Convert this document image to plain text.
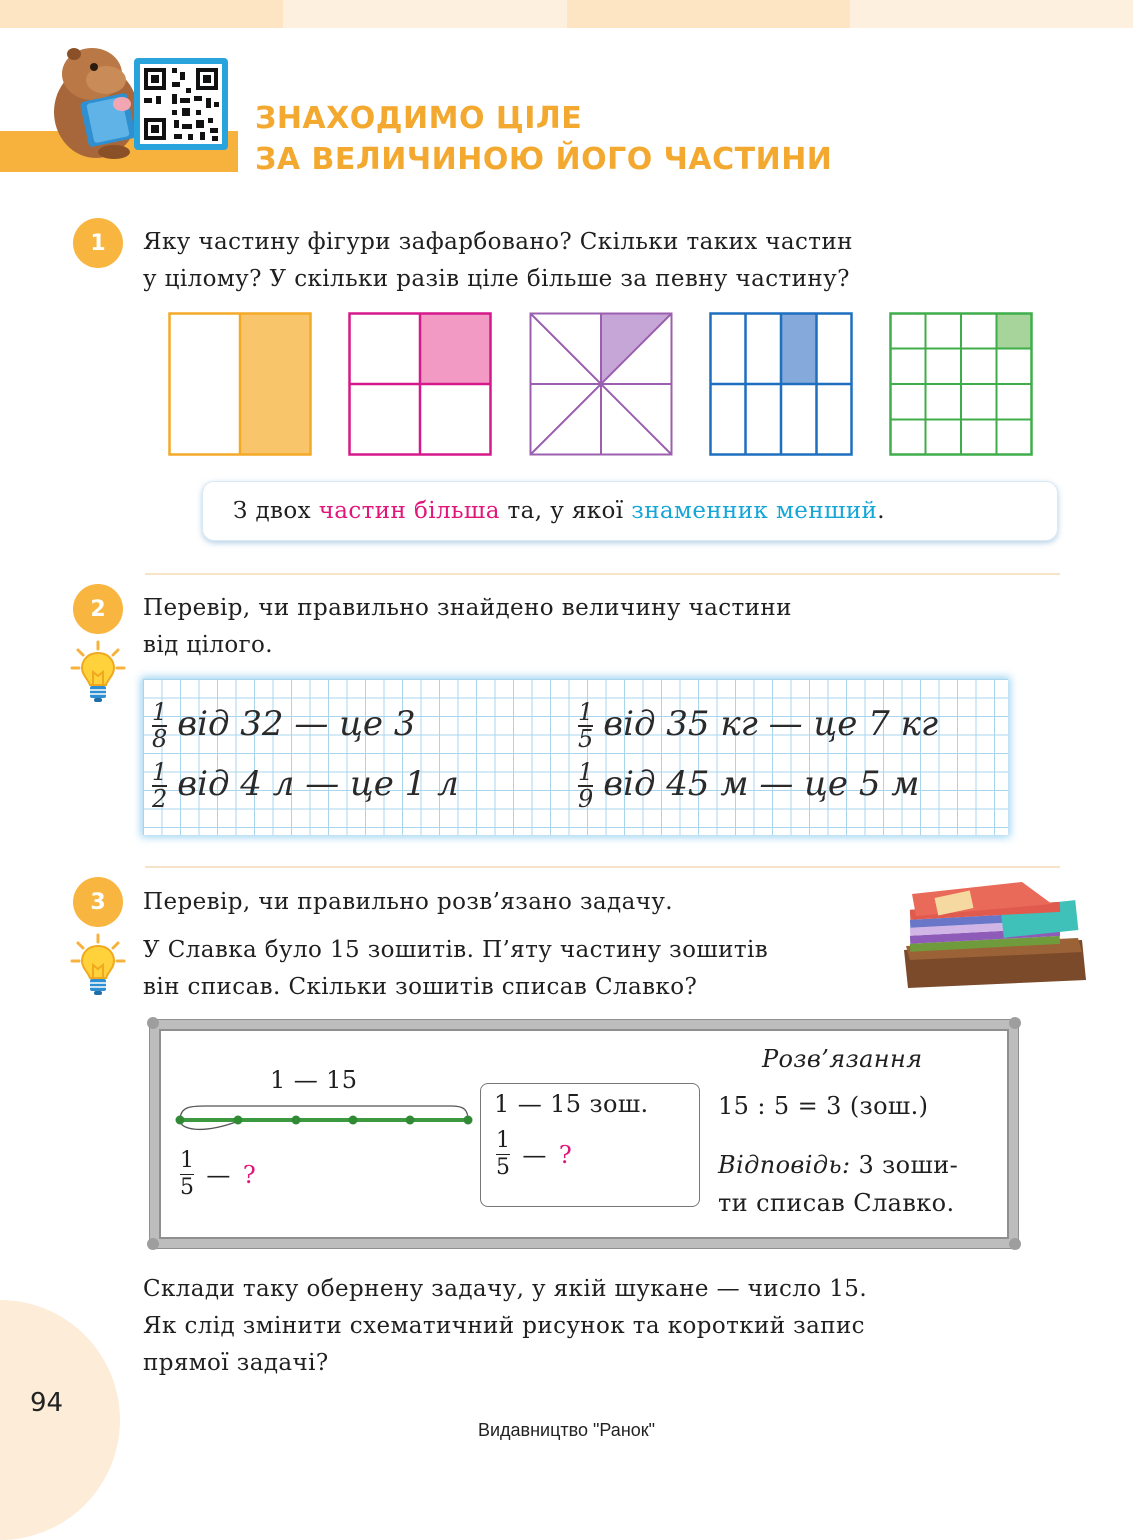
ЗНАХОДИМО ЦІЛЕ
ЗА ВЕЛИЧИНОЮ ЙОГО ЧАСТИНИ
1	Яку частину фігури зафарбовано? Скільки таких частин
у цілому? У скільки разів ціле більше за певну частину?
З двох частин більша та, у якої знаменник менший .
2	Перевір, чи правильно знайдено величину частини
від цілого.
$\frac{1}{8}$ від 32 — це 3	$\frac{1}{5}$ від 35 кг — це 7 кг
$\frac{1}{2}$ від 4 л — це 1 л	$\frac{1}{9}$ від 45 м — це 5 м
3	Перевір, чи правильно розв’язано задачу.
У Славка було 15 зошитів. П’яту частину зошитів
він списав. Скільки зошитів списав Славко?
1 — 15
$\frac{1}{5}$ — ?
1 — 15 зош.
$\frac{1}{5}$ — ?
Розв’язання
15 : 5 = 3 (зош.)
Відповідь: 3 зоши-
ти списав Славко.
Склади таку обернену задачу, у якій шукане — число 15.
Як слід змінити схематичний рисунок та короткий запис
прямої задачі?
94
Видавництво "Ранок"
